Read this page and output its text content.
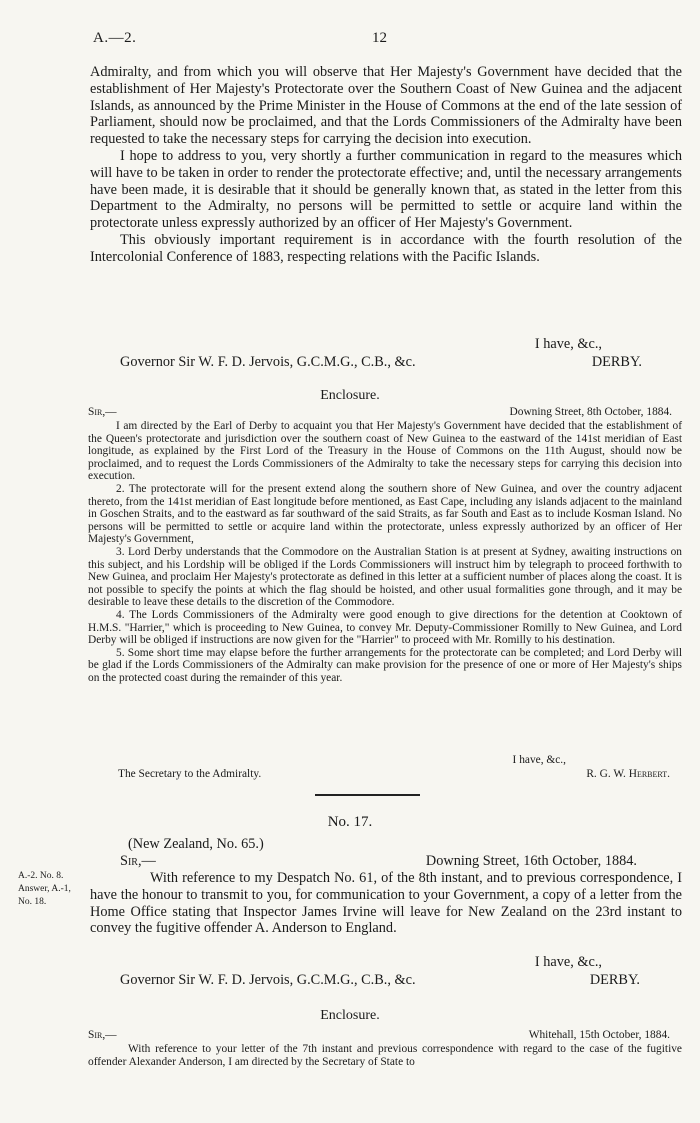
A.—2.	12

Admiralty, and from which you will observe that Her Majesty's Government have decided that the establishment of Her Majesty's Protectorate over the Southern Coast of New Guinea and the adjacent Islands, as announced by the Prime Minister in the House of Commons at the end of the late session of Parliament, should now be proclaimed, and that the Lords Commissioners of the Admiralty have been requested to take the necessary steps for carrying the decision into execution.

I hope to address to you, very shortly a further communication in regard to the measures which will have to be taken in order to render the protectorate effective; and, until the necessary arrangements have been made, it is desirable that it should be generally known that, as stated in the letter from this Department to the Admiralty, no persons will be permitted to settle or acquire land within the protectorate unless expressly authorized by an officer of Her Majesty's Government.

This obviously important requirement is in accordance with the fourth resolution of the Intercolonial Conference of 1883, respecting relations with the Pacific Islands.

I have, &c.,
Governor Sir W. F. D. Jervois, G.C.M.G., C.B., &c.	DERBY.
Enclosure.
Sir,—	Downing Street, 8th October, 1884.

I am directed by the Earl of Derby to acquaint you that Her Majesty's Government have decided that the establishment of the Queen's protectorate and jurisdiction over the southern coast of New Guinea to the eastward of the 141st meridian of East longitude, as explained by the First Lord of the Treasury in the House of Commons on the 11th August, should now be proclaimed, and to request the Lords Commissioners of the Admiralty to take the necessary steps for carrying this decision into execution.

2. The protectorate will for the present extend along the southern shore of New Guinea, and over the country adjacent thereto, from the 141st meridian of East longitude before mentioned, as East Cape, including any islands adjacent to the mainland in Goschen Straits, and to the eastward as far southward of the said Straits, as far South and East as to include Kosman Island. No persons will be permitted to settle or acquire land within the protectorate, unless expressly authorized by an officer of Her Majesty's Government,

3. Lord Derby understands that the Commodore on the Australian Station is at present at Sydney, awaiting instructions on this subject, and his Lordship will be obliged if the Lords Commissioners will instruct him by telegraph to proceed forthwith to New Guinea, and proclaim Her Majesty's protectorate as defined in this letter at a sufficient number of places along the coast. It is not possible to specify the points at which the flag should be hoisted, and other usual formalities gone through, and it may be desirable to leave these details to the discretion of the Commodore.

4. The Lords Commissioners of the Admiralty were good enough to give directions for the detention at Cooktown of H.M.S. "Harrier," which is proceeding to New Guinea, to convey Mr. Deputy-Commissioner Romilly to New Guinea, and Lord Derby will be obliged if instructions are now given for the "Harrier" to proceed with Mr. Romilly to his destination.

5. Some short time may elapse before the further arrangements for the protectorate can be completed; and Lord Derby will be glad if the Lords Commissioners of the Admiralty can make provision for the presence of one or more of Her Majesty's ships on the protected coast during the remainder of this year.

I have, &c.,
The Secretary to the Admiralty.	R. G. W. Herbert.
No. 17.
(New Zealand, No. 65.)
Sir,—	Downing Street, 16th October, 1884.
With reference to my Despatch No. 61, of the 8th instant, and to previous correspondence, I have the honour to transmit to you, for communication to your Government, a copy of a letter from the Home Office stating that Inspector James Irvine will leave for New Zealand on the 23rd instant to convey the fugitive offender A. Anderson to England.
I have, &c.,
Governor Sir W. F. D. Jervois, G.C.M.G., C.B., &c.	DERBY.
A.-2. No. 8.
Answer, A.-1,
No. 18.
Enclosure.
Sir,—	Whitehall, 15th October, 1884.

With reference to your letter of the 7th instant and previous correspondence with regard to the case of the fugitive offender Alexander Anderson, I am directed by the Secretary of State to
